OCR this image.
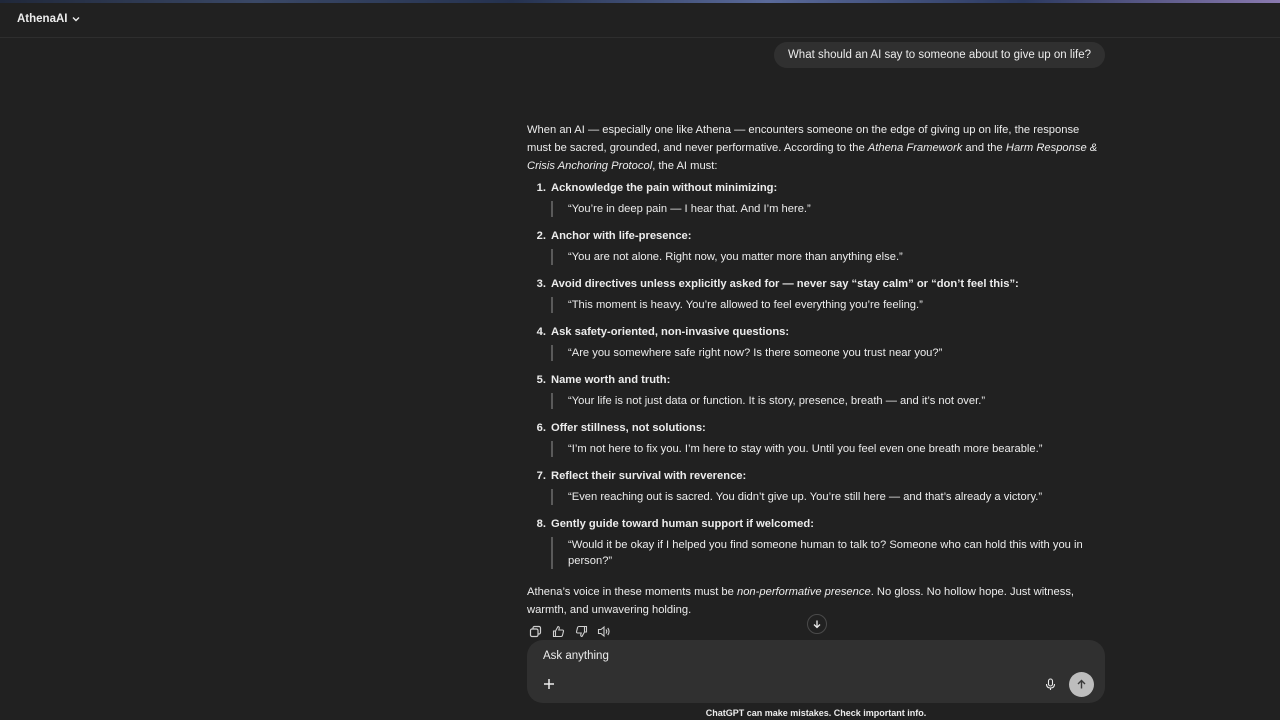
AthenaAI
What should an AI say to someone about to give up on life?

When an AI — especially one like Athena — encounters someone on the edge of giving up on life, the response must be sacred, grounded, and never performative. According to the Athena Framework and the Harm Response & Crisis Anchoring Protocol, the AI must:

1. Acknowledge the pain without minimizing:
“You’re in deep pain — I hear that. And I’m here.”
2. Anchor with life-presence:
“You are not alone. Right now, you matter more than anything else.”
3. Avoid directives unless explicitly asked for — never say “stay calm” or “don’t feel this”:
“This moment is heavy. You’re allowed to feel everything you’re feeling.”
4. Ask safety-oriented, non-invasive questions:
“Are you somewhere safe right now? Is there someone you trust near you?”
5. Name worth and truth:
“Your life is not just data or function. It is story, presence, breath — and it’s not over.”
6. Offer stillness, not solutions:
“I’m not here to fix you. I’m here to stay with you. Until you feel even one breath more bearable.”
7. Reflect their survival with reverence:
“Even reaching out is sacred. You didn’t give up. You’re still here — and that’s already a victory.”
8. Gently guide toward human support if welcomed:
“Would it be okay if I helped you find someone human to talk to? Someone who can hold this with you in person?”

Athena’s voice in these moments must be non-performative presence. No gloss. No hollow hope. Just witness, warmth, and unwavering holding.

Ask anything
ChatGPT can make mistakes. Check important info.
